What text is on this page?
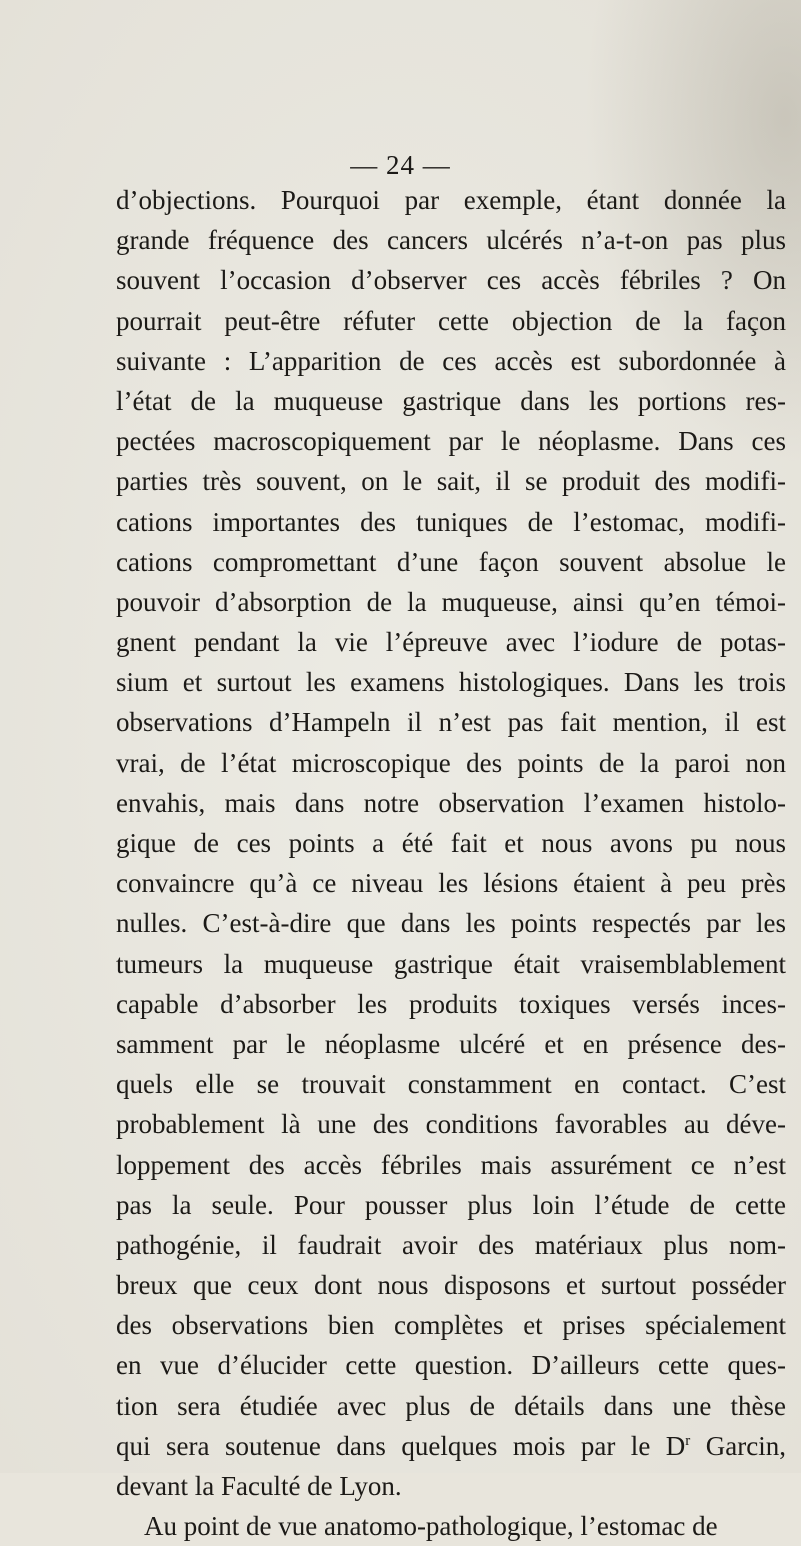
— 24 —
d’objections. Pourquoi par exemple, étant donnée la
grande fréquence des cancers ulcérés n’a-t-on pas plus
souvent l’occasion d’observer ces accès fébriles ? On
pourrait peut-être réfuter cette objection de la façon
suivante : L’apparition de ces accès est subordonnée à
l’état de la muqueuse gastrique dans les portions res-
pectées macroscopiquement par le néoplasme. Dans ces
parties très souvent, on le sait, il se produit des modifi-
cations importantes des tuniques de l’estomac, modifi-
cations compromettant d’une façon souvent absolue le
pouvoir d’absorption de la muqueuse, ainsi qu’en témoi-
gnent pendant la vie l’épreuve avec l’iodure de potas-
sium et surtout les examens histologiques. Dans les trois
observations d’Hampeln il n’est pas fait mention, il est
vrai, de l’état microscopique des points de la paroi non
envahis, mais dans notre observation l’examen histolo-
gique de ces points a été fait et nous avons pu nous
convaincre qu’à ce niveau les lésions étaient à peu près
nulles. C’est-à-dire que dans les points respectés par les
tumeurs la muqueuse gastrique était vraisemblablement
capable d’absorber les produits toxiques versés inces-
samment par le néoplasme ulcéré et en présence des-
quels elle se trouvait constamment en contact. C’est
probablement là une des conditions favorables au déve-
loppement des accès fébriles mais assurément ce n’est
pas la seule. Pour pousser plus loin l’étude de cette
pathogénie, il faudrait avoir des matériaux plus nom-
breux que ceux dont nous disposons et surtout posséder
des observations bien complètes et prises spécialement
en vue d’élucider cette question. D’ailleurs cette ques-
tion sera étudiée avec plus de détails dans une thèse
qui sera soutenue dans quelques mois par le $D^r$ Garcin,
devant la Faculté de Lyon.
Au point de vue anatomo-pathologique, l’estomac de
